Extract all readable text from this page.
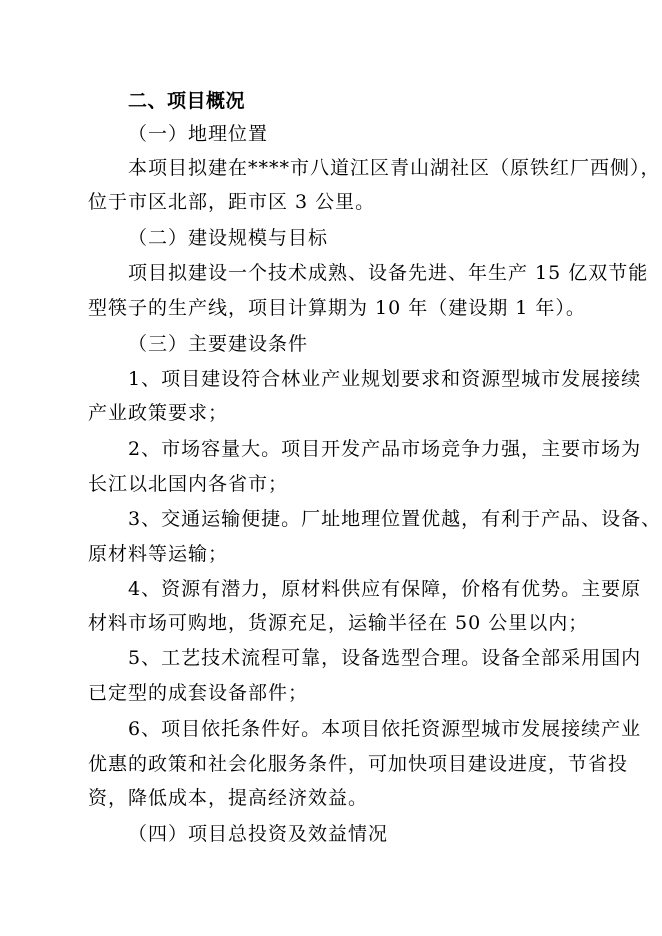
二、项目概况
（一）地理位置
本项目拟建在****市八道江区青山湖社区（原铁红厂西侧），
位于市区北部，距市区 3 公里。
（二）建设规模与目标
项目拟建设一个技术成熟、设备先进、年生产 15 亿双节能
型筷子的生产线，项目计算期为 10 年（建设期 1 年）。
（三）主要建设条件
1、项目建设符合林业产业规划要求和资源型城市发展接续
产业政策要求；
2、市场容量大。项目开发产品市场竞争力强，主要市场为
长江以北国内各省市；
3、交通运输便捷。厂址地理位置优越，有利于产品、设备、
原材料等运输；
4、资源有潜力，原材料供应有保障，价格有优势。主要原
材料市场可购地，货源充足，运输半径在 50 公里以内；
5、工艺技术流程可靠，设备选型合理。设备全部采用国内
已定型的成套设备部件；
6、项目依托条件好。本项目依托资源型城市发展接续产业
优惠的政策和社会化服务条件，可加快项目建设进度，节省投
资，降低成本，提高经济效益。
（四）项目总投资及效益情况
